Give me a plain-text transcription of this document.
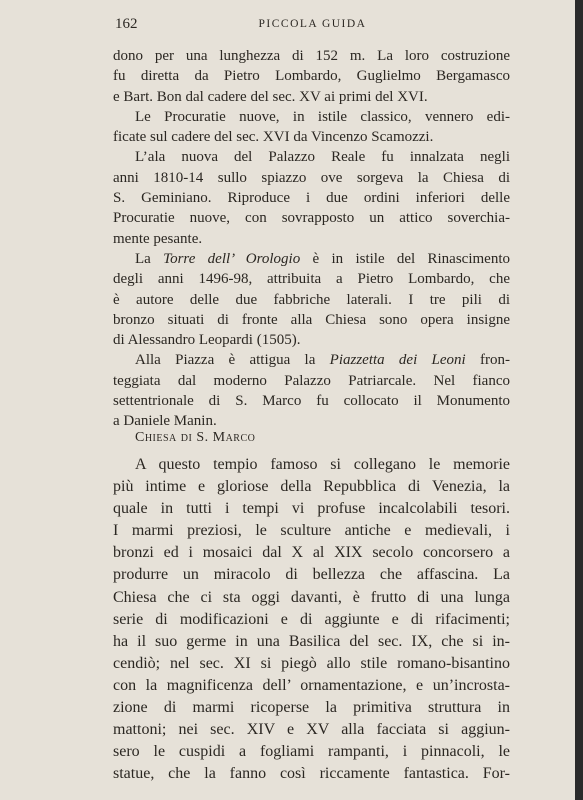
162	PICCOLA GUIDA

dono per una lunghezza di 152 m. La loro costruzione

fu diretta da Pietro Lombardo, Guglielmo Bergamasco

e Bart. Bon dal cadere del sec. XV ai primi del XVI.

Le Procuratie nuove, in istile classico, vennero edi-

ficate sul cadere del sec. XVI da Vincenzo Scamozzi.

L’ala nuova del Palazzo Reale fu innalzata negli

anni 1810-14 sullo spiazzo ove sorgeva la Chiesa di

S. Geminiano. Riproduce i due ordini inferiori delle

Procuratie nuove, con sovrapposto un attico soverchia-

mente pesante.

La Torre dell’ Orologio è in istile del Rinascimento

degli anni 1496-98, attribuita a Pietro Lombardo, che

è autore delle due fabbriche laterali. I tre pili di

bronzo situati di fronte alla Chiesa sono opera insigne

di Alessandro Leopardi (1505).

Alla Piazza è attigua la Piazzetta dei Leoni fron-

teggiata dal moderno Palazzo Patriarcale. Nel fianco

settentrionale di S. Marco fu collocato il Monumento

a Daniele Manin.

Chiesa di S. Marco

A questo tempio famoso si collegano le memorie

più intime e gloriose della Repubblica di Venezia, la

quale in tutti i tempi vi profuse incalcolabili tesori.

I marmi preziosi, le sculture antiche e medievali, i

bronzi ed i mosaici dal X al XIX secolo concorsero a

produrre un miracolo di bellezza che affascina. La

Chiesa che ci sta oggi davanti, è frutto di una lunga

serie di modificazioni e di aggiunte e di rifacimenti;

ha il suo germe in una Basilica del sec. IX, che si in-

cendiò; nel sec. XI si piegò allo stile romano-bisantino

con la magnificenza dell’ ornamentazione, e un’incrosta-

zione di marmi ricoperse la primitiva struttura in

mattoni; nei sec. XIV e XV alla facciata si aggiun-

sero le cuspidi a fogliami rampanti, i pinnacoli, le

statue, che la fanno così riccamente fantastica. For-
